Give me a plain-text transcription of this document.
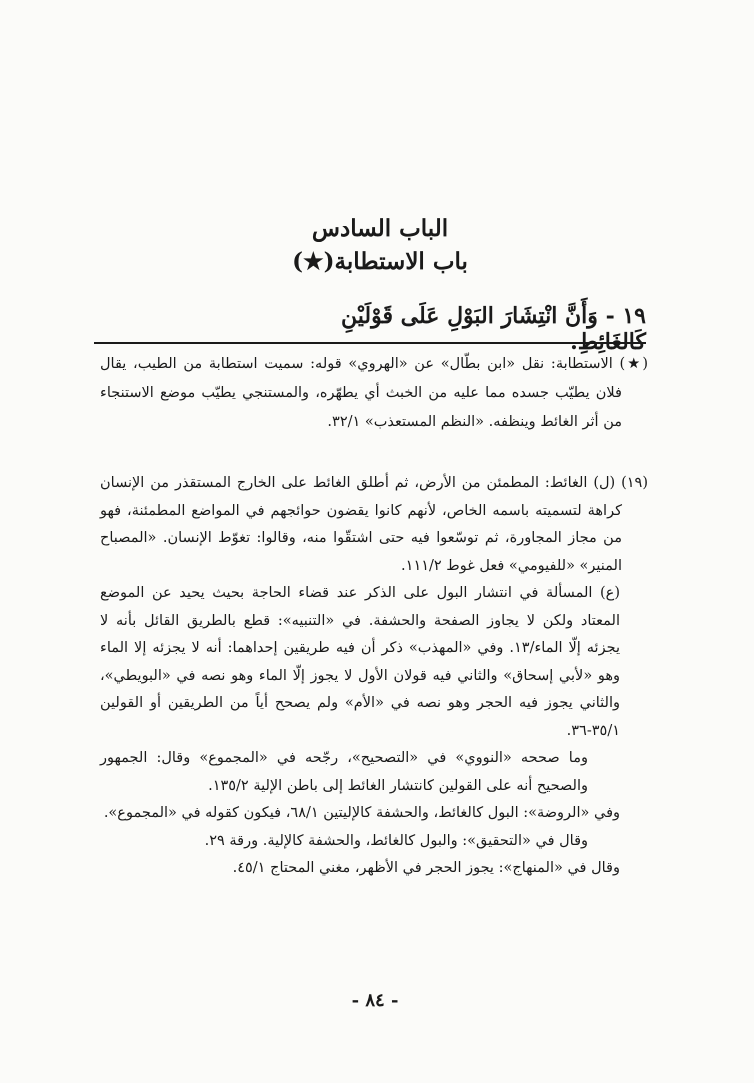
الباب السادس
باب الاستطابة(★)
١٩ - وَأَنَّ انْتِشَارَ البَوْلِ عَلَى قَوْلَيْنِ كَالغَائِطِ.

(★) الاستطابة: نقل «ابن بطّال» عن «الهروي» قوله: سميت استطابة من الطيب، يقال فلان يطيّب جسده مما عليه من الخبث أي يطهّره، والمستنجي يطيّب موضع الاستنجاء من أثر الغائط وينظفه. «النظم المستعذب» ٣٢/١.

(١٩) (ل) الغائط: المطمئن من الأرض، ثم أطلق الغائط على الخارج المستقذر من الإنسان كراهة لتسميته باسمه الخاص، لأنهم كانوا يقضون حوائجهم في المواضع المطمئنة، فهو من مجاز المجاورة، ثم توسّعوا فيه حتى اشتقّوا منه، وقالوا: تغوّط الإنسان. «المصباح المنير» «للفيومي» فعل غوط ١١١/٢.

(ع) المسألة في انتشار البول على الذكر عند قضاء الحاجة بحيث يحيد عن الموضع المعتاد ولكن لا يجاوز الصفحة والحشفة. في «التنبيه»: قطع بالطريق القائل بأنه لا يجزئه إلّا الماء/١٣. وفي «المهذب» ذكر أن فيه طريقين إحداهما: أنه لا يجزئه إلا الماء وهو «لأبي إسحاق» والثاني فيه قولان الأول لا يجوز إلّا الماء وهو نصه في «البويطي»، والثاني يجوز فيه الحجر وهو نصه في «الأم» ولم يصحح أياً من الطريقين أو القولين ٣٥/١-٣٦.

وما صححه «النووي» في «التصحيح»، رجّحه في «المجموع» وقال: الجمهور والصحيح أنه على القولين كانتشار الغائط إلى باطن الإلية ١٣٥/٢.

وفي «الروضة»: البول كالغائط، والحشفة كالإليتين ٦٨/١، فيكون كقوله في «المجموع».

وقال في «التحقيق»: والبول كالغائط، والحشفة كالإلية. ورقة ٢٩.

وقال في «المنهاج»: يجوز الحجر في الأظهر، مغني المحتاج ٤٥/١.

- ٨٤ -
